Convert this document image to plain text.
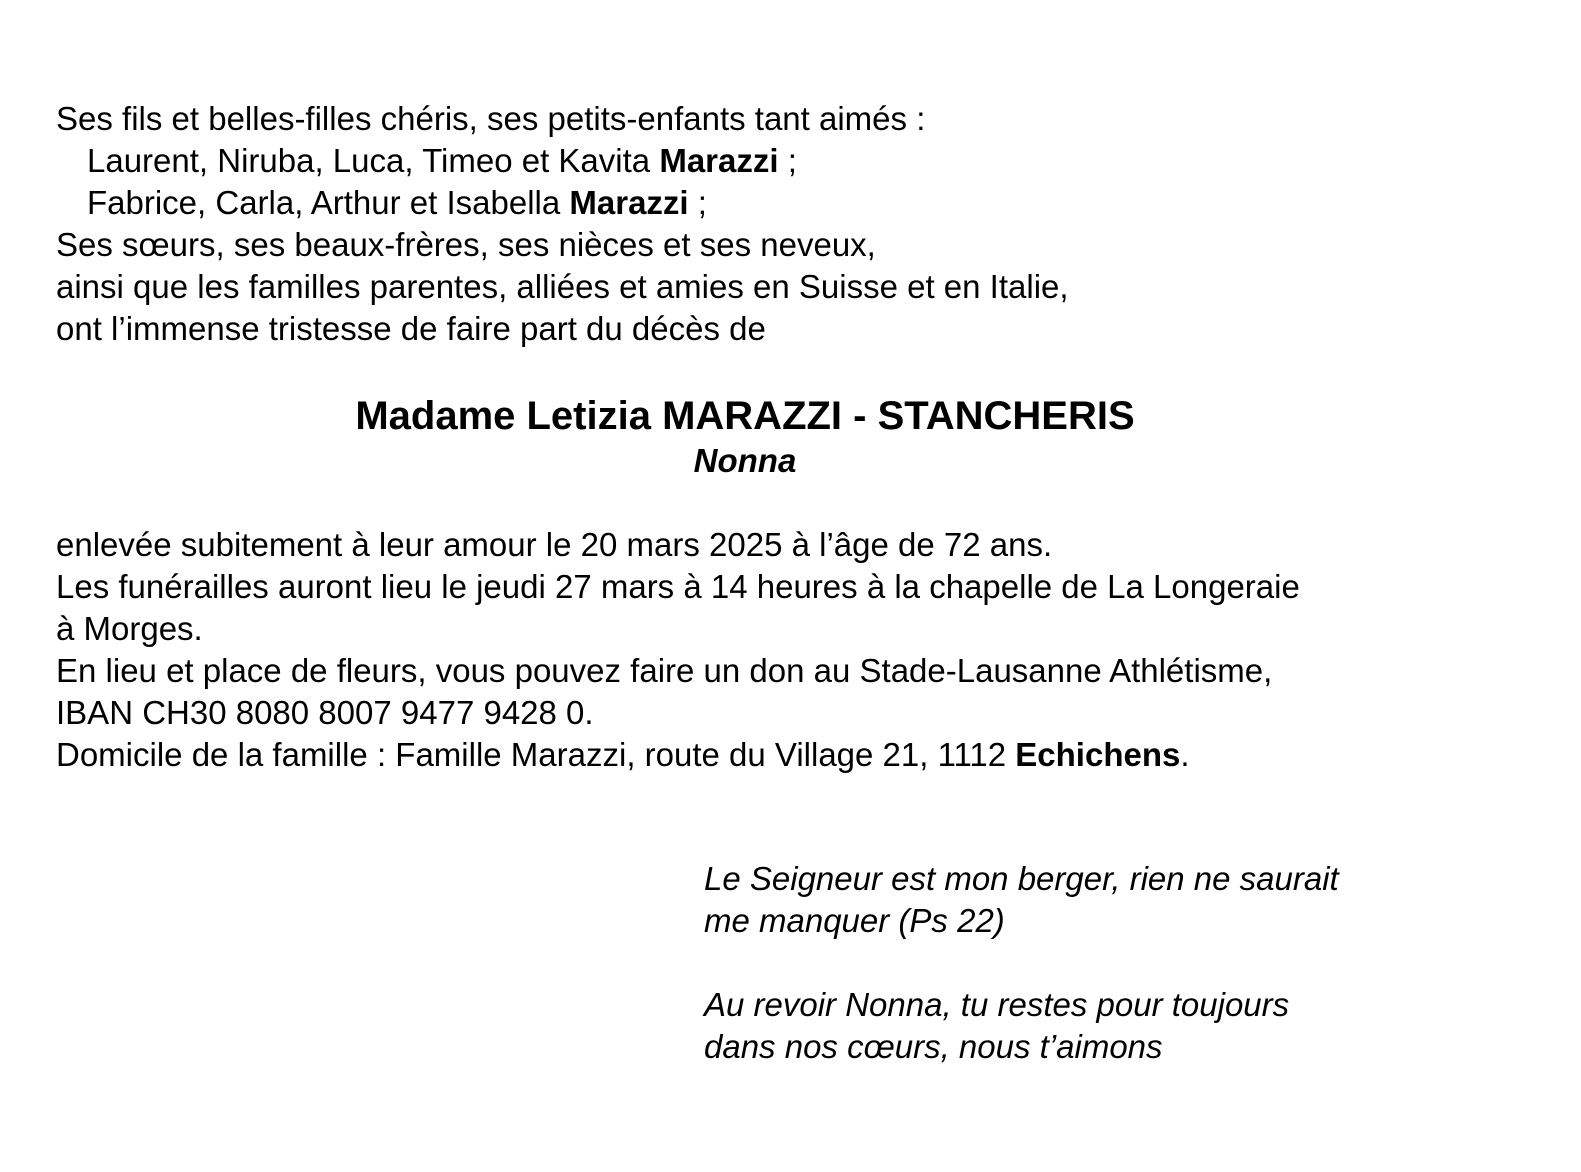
Ses fils et belles-filles chéris, ses petits-enfants tant aimés :
Laurent, Niruba, Luca, Timeo et Kavita Marazzi ;
Fabrice, Carla, Arthur et Isabella Marazzi ;
Ses sœurs, ses beaux-frères, ses nièces et ses neveux,
ainsi que les familles parentes, alliées et amies en Suisse et en Italie,
ont l’immense tristesse de faire part du décès de
Madame Letizia MARAZZI - STANCHERIS
Nonna
enlevée subitement à leur amour le 20 mars 2025 à l’âge de 72 ans.
Les funérailles auront lieu le jeudi 27 mars à 14 heures à la chapelle de La Longeraie
à Morges.
En lieu et place de fleurs, vous pouvez faire un don au Stade-Lausanne Athlétisme,
IBAN CH30 8080 8007 9477 9428 0.
Domicile de la famille : Famille Marazzi, route du Village 21, 1112 Echichens.
Le Seigneur est mon berger, rien ne saurait
me manquer (Ps 22)
Au revoir Nonna, tu restes pour toujours
dans nos cœurs, nous t’aimons
